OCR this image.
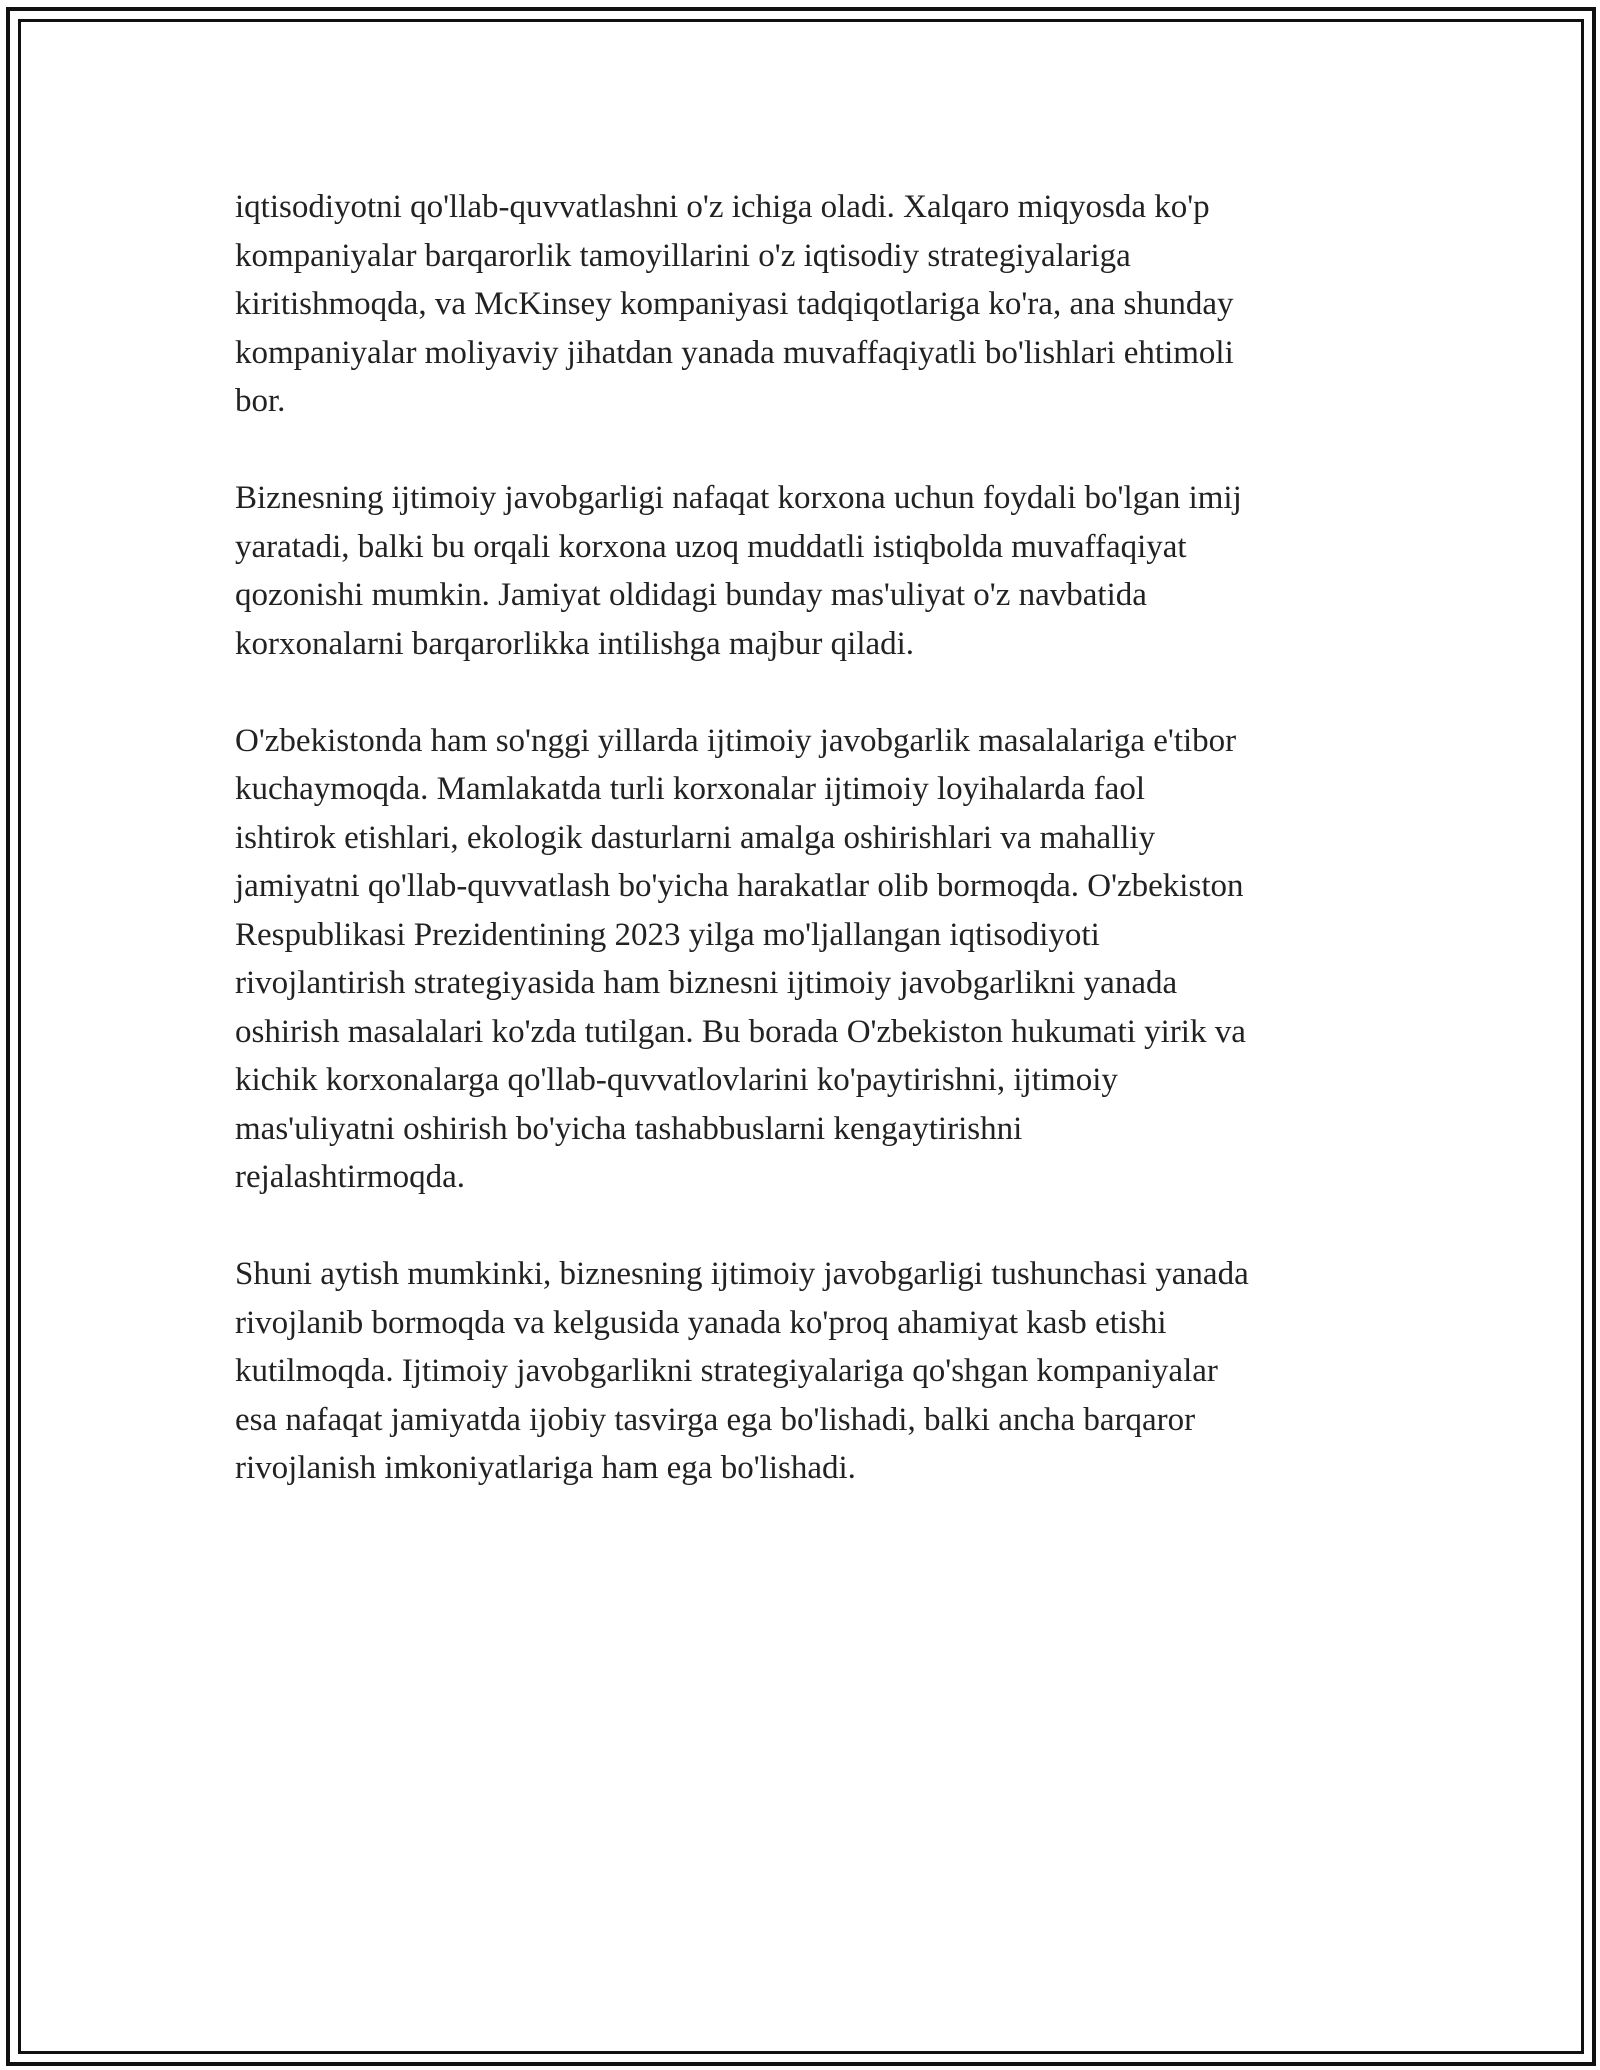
iqtisodiyotni qo'llab-quvvatlashni o'z ichiga oladi. Xalqaro miqyosda ko'p
kompaniyalar barqarorlik tamoyillarini o'z iqtisodiy strategiyalariga
kiritishmoqda, va McKinsey kompaniyasi tadqiqotlariga ko'ra, ana shunday
kompaniyalar moliyaviy jihatdan yanada muvaffaqiyatli bo'lishlari ehtimoli
bor.

Biznesning ijtimoiy javobgarligi nafaqat korxona uchun foydali bo'lgan imij
yaratadi, balki bu orqali korxona uzoq muddatli istiqbolda muvaffaqiyat
qozonishi mumkin. Jamiyat oldidagi bunday mas'uliyat o'z navbatida
korxonalarni barqarorlikka intilishga majbur qiladi.

O'zbekistonda ham so'nggi yillarda ijtimoiy javobgarlik masalalariga e'tibor
kuchaymoqda. Mamlakatda turli korxonalar ijtimoiy loyihalarda faol
ishtirok etishlari, ekologik dasturlarni amalga oshirishlari va mahalliy
jamiyatni qo'llab-quvvatlash bo'yicha harakatlar olib bormoqda. O'zbekiston
Respublikasi Prezidentining 2023 yilga mo'ljallangan iqtisodiyoti
rivojlantirish strategiyasida ham biznesni ijtimoiy javobgarlikni yanada
oshirish masalalari ko'zda tutilgan. Bu borada O'zbekiston hukumati yirik va
kichik korxonalarga qo'llab-quvvatlovlarini ko'paytirishni, ijtimoiy
mas'uliyatni oshirish bo'yicha tashabbuslarni kengaytirishni
rejalashtirmoqda.

Shuni aytish mumkinki, biznesning ijtimoiy javobgarligi tushunchasi yanada
rivojlanib bormoqda va kelgusida yanada ko'proq ahamiyat kasb etishi
kutilmoqda. Ijtimoiy javobgarlikni strategiyalariga qo'shgan kompaniyalar
esa nafaqat jamiyatda ijobiy tasvirga ega bo'lishadi, balki ancha barqaror
rivojlanish imkoniyatlariga ham ega bo'lishadi.
